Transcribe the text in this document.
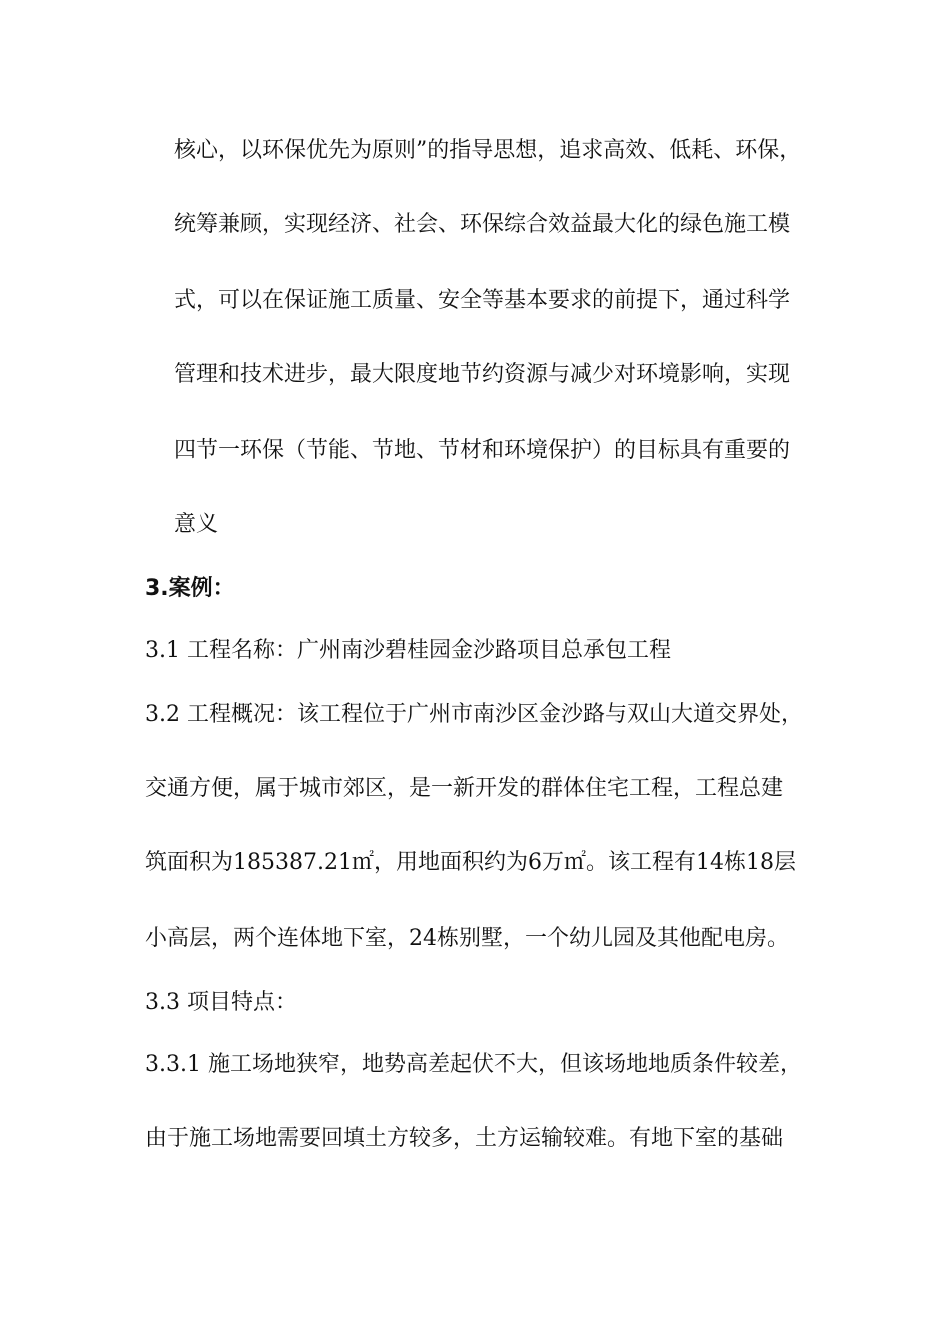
核心，以环保优先为原则”的指导思想，追求高效、低耗、环保，
统筹兼顾，实现经济、社会、环保综合效益最大化的绿色施工模
式，可以在保证施工质量、安全等基本要求的前提下，通过科学
管理和技术进步，最大限度地节约资源与减少对环境影响，实现
四节一环保（节能、节地、节材和环境保护）的目标具有重要的
意义
3.案例：
3.1 工程名称：广州南沙碧桂园金沙路项目总承包工程
3.2 工程概况：该工程位于广州市南沙区金沙路与双山大道交界处，
交通方便，属于城市郊区，是一新开发的群体住宅工程，工程总建
筑面积为185387.21㎡，用地面积约为6万㎡。该工程有14栋18层
小高层，两个连体地下室，24栋别墅，一个幼儿园及其他配电房。
3.3 项目特点：
3.3.1 施工场地狭窄，地势高差起伏不大，但该场地地质条件较差，
由于施工场地需要回填土方较多，土方运输较难。有地下室的基础
